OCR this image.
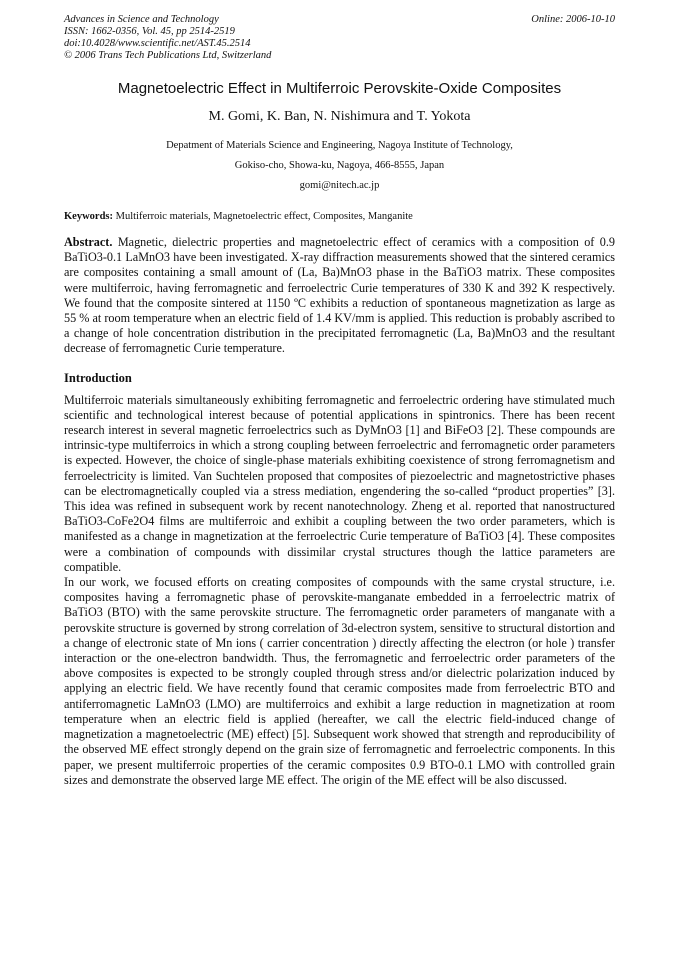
Advances in Science and Technology
ISSN: 1662-0356, Vol. 45, pp 2514-2519
doi:10.4028/www.scientific.net/AST.45.2514
© 2006 Trans Tech Publications Ltd, Switzerland
Online: 2006-10-10
Magnetoelectric Effect in Multiferroic Perovskite-Oxide Composites
M. Gomi, K. Ban, N. Nishimura and T. Yokota
Depatment of Materials Science and Engineering, Nagoya Institute of Technology,
Gokiso-cho, Showa-ku, Nagoya, 466-8555, Japan
gomi@nitech.ac.jp
Keywords: Multiferroic materials, Magnetoelectric effect, Composites, Manganite

Abstract. Magnetic, dielectric properties and magnetoelectric effect of ceramics with a composition of 0.9 BaTiO3-0.1 LaMnO3 have been investigated. X-ray diffraction measurements showed that the sintered ceramics are composites containing a small amount of (La, Ba)MnO3 phase in the BaTiO3 matrix. These composites were multiferroic, having ferromagnetic and ferroelectric Curie temperatures of 330 K and 392 K respectively. We found that the composite sintered at 1150 ºC exhibits a reduction of spontaneous magnetization as large as 55 % at room temperature when an electric field of 1.4 KV/mm is applied. This reduction is probably ascribed to a change of hole concentration distribution in the precipitated ferromagnetic (La, Ba)MnO3 and the resultant decrease of ferromagnetic Curie temperature.

Introduction

Multiferroic materials simultaneously exhibiting ferromagnetic and ferroelectric ordering have stimulated much scientific and technological interest because of potential applications in spintronics. There has been recent research interest in several magnetic ferroelectrics such as DyMnO3 [1] and BiFeO3 [2]. These compounds are intrinsic-type multiferroics in which a strong coupling between ferroelectric and ferromagnetic order parameters is expected. However, the choice of single-phase materials exhibiting coexistence of strong ferromagnetism and ferroelectricity is limited. Van Suchtelen proposed that composites of piezoelectric and magnetostrictive phases can be electromagnetically coupled via a stress mediation, engendering the so-called “product properties” [3]. This idea was refined in subsequent work by recent nanotechnology. Zheng et al. reported that nanostructured BaTiO3-CoFe2O4 films are multiferroic and exhibit a coupling between the two order parameters, which is manifested as a change in magnetization at the ferroelectric Curie temperature of BaTiO3 [4]. These composites were a combination of compounds with dissimilar crystal structures though the lattice parameters are compatible.

In our work, we focused efforts on creating composites of compounds with the same crystal structure, i.e. composites having a ferromagnetic phase of perovskite-manganate embedded in a ferroelectric matrix of BaTiO3 (BTO) with the same perovskite structure. The ferromagnetic order parameters of manganate with a perovskite structure is governed by strong correlation of 3d-electron system, sensitive to structural distortion and a change of electronic state of Mn ions ( carrier concentration ) directly affecting the electron (or hole ) transfer interaction or the one-electron bandwidth. Thus, the ferromagnetic and ferroelectric order parameters of the above composites is expected to be strongly coupled through stress and/or dielectric polarization induced by applying an electric field. We have recently found that ceramic composites made from ferroelectric BTO and antiferromagnetic LaMnO3 (LMO) are multiferroics and exhibit a large reduction in magnetization at room temperature when an electric field is applied (hereafter, we call the electric field-induced change of magnetization a magnetoelectric (ME) effect) [5]. Subsequent work showed that strength and reproducibility of the observed ME effect strongly depend on the grain size of ferromagnetic and ferroelectric components. In this paper, we present multiferroic properties of the ceramic composites 0.9 BTO-0.1 LMO with controlled grain sizes and demonstrate the observed large ME effect. The origin of the ME effect will be also discussed.
